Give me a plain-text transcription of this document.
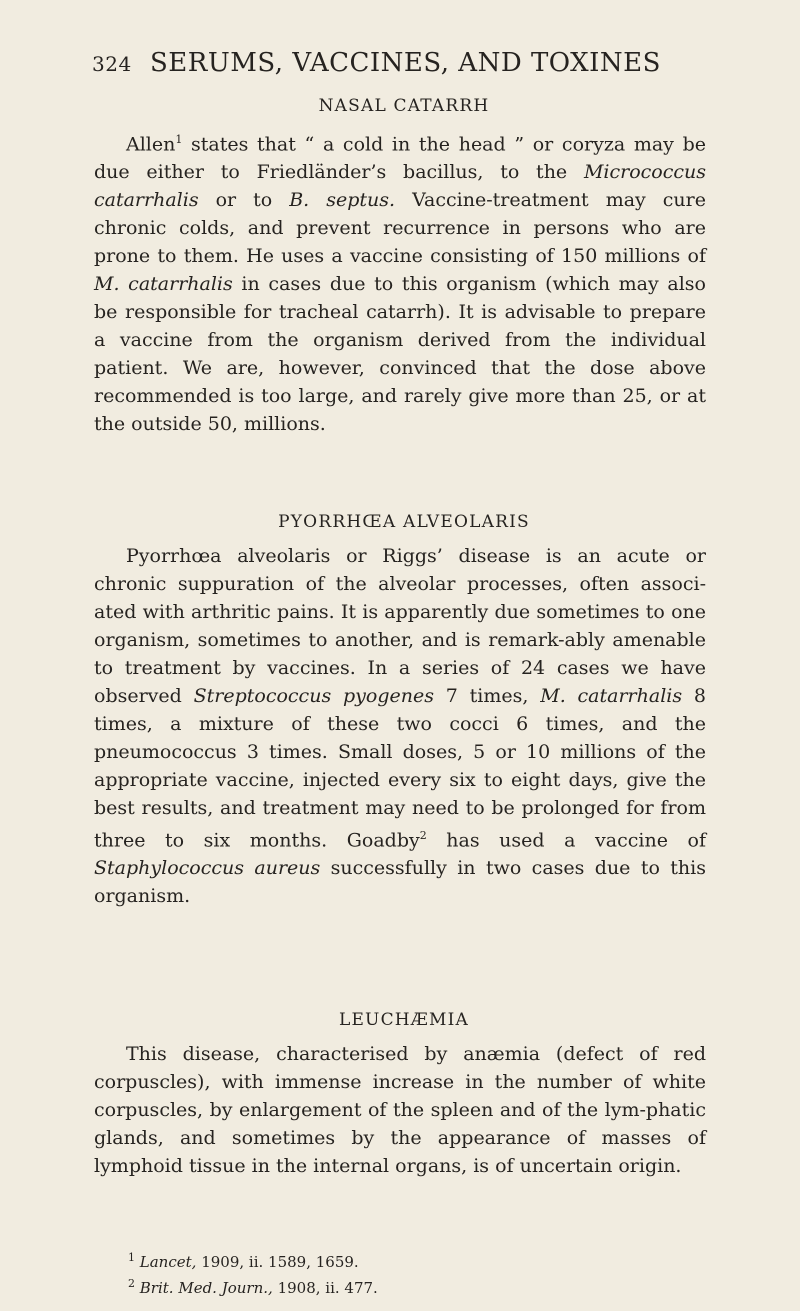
324 SERUMS, VACCINES, AND TOXINES
NASAL CATARRH

Allen$^1$ states that “ a cold in the head ” or coryza may be due either to Friedländer’s bacillus, to the Micrococcus catarrhalis or to B. septus. Vaccine-treatment may cure chronic colds, and prevent recurrence in persons who are prone to them. He uses a vaccine consisting of 150 millions of M. catarrhalis in cases due to this organism (which may also be responsible for tracheal catarrh). It is advisable to prepare a vaccine from the organism derived from the individual patient. We are, however, convinced that the dose above recommended is too large, and rarely give more than 25, or at the outside 50, millions.

PYORRHŒA ALVEOLARIS

Pyorrhœa alveolaris or Riggs’ disease is an acute or chronic suppuration of the alveolar processes, often associ-ated with arthritic pains. It is apparently due sometimes to one organism, sometimes to another, and is remark-ably amenable to treatment by vaccines. In a series of 24 cases we have observed Streptococcus pyogenes 7 times, M. catarrhalis 8 times, a mixture of these two cocci 6 times, and the pneumococcus 3 times. Small doses, 5 or 10 millions of the appropriate vaccine, injected every six to eight days, give the best results, and treatment may need to be prolonged for from three to six months. Goadby$^2$ has used a vaccine of Staphylococcus aureus successfully in two cases due to this organism.

LEUCHÆMIA

This disease, characterised by anæmia (defect of red corpuscles), with immense increase in the number of white corpuscles, by enlargement of the spleen and of the lym-phatic glands, and sometimes by the appearance of masses of lymphoid tissue in the internal organs, is of uncertain origin.

$^1$ Lancet, 1909, ii. 1589, 1659.
$^2$ Brit. Med. Journ., 1908, ii. 477.
